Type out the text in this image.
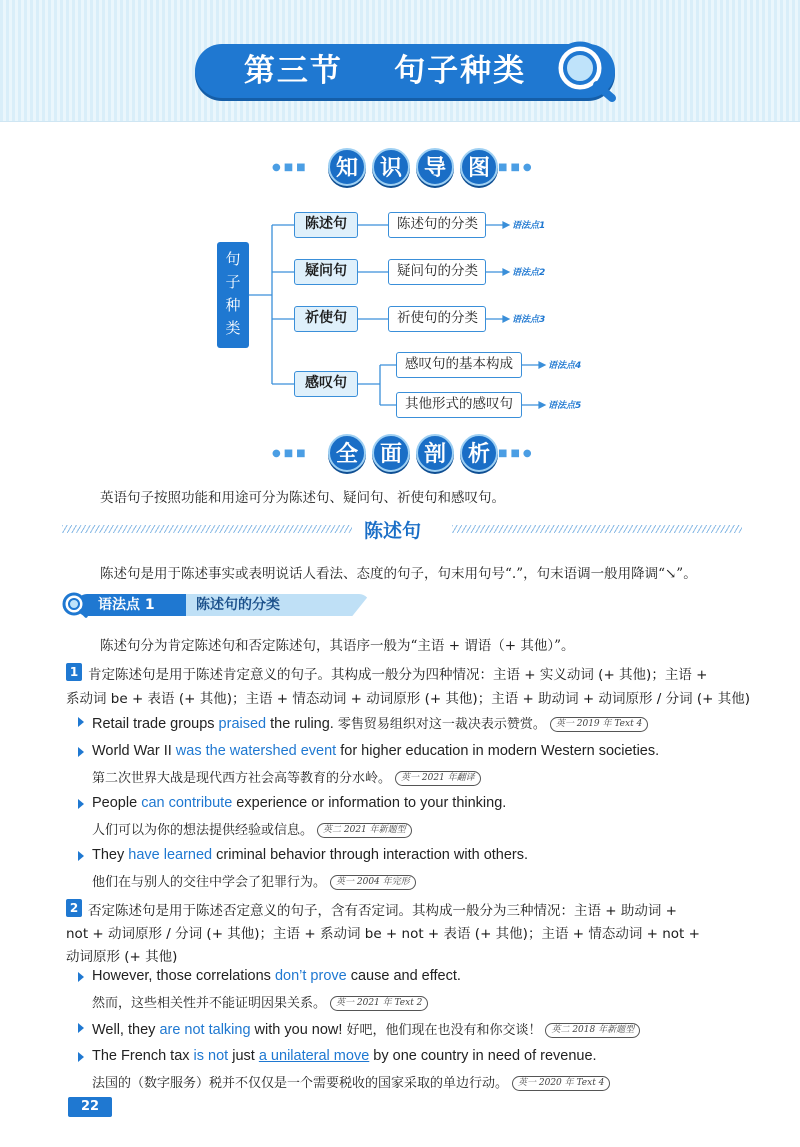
第三节    句子种类
●■■	知 识 导 图 ■■●
句
子
种
类
陈述句
疑问句
祈使句
感叹句
陈述句的分类
疑问句的分类
祈使句的分类
感叹句的基本构成
其他形式的感叹句
语法点1
语法点2
语法点3
语法点4
语法点5
●■■	全 面 剖 析 ■■●
英语句子按照功能和用途可分为陈述句、疑问句、祈使句和感叹句。
陈述句
陈述句是用于陈述事实或表明说话人看法、态度的句子，句末用句号“.”，句末语调一般用降调“↘”。
语法点 1	陈述句的分类
陈述句分为肯定陈述句和否定陈述句，其语序一般为“主语 + 谓语（+ 其他）”。
1 肯定陈述句是用于陈述肯定意义的句子。其构成一般分为四种情况：主语 + 实义动词 (+ 其他)；主语 +
系动词 be + 表语 (+ 其他)；主语 + 情态动词 + 动词原形 (+ 其他)；主语 + 助动词 + 动词原形 / 分词 (+ 其他)
Retail trade groups praised the ruling. 零售贸易组织对这一裁决表示赞赏。 英一 2019 年 Text 4
World War II was the watershed event for higher education in modern Western societies.
第二次世界大战是现代西方社会高等教育的分水岭。 英一 2021 年翻译
People can contribute experience or information to your thinking.
人们可以为你的想法提供经验或信息。 英二 2021 年新题型
They have learned criminal behavior through interaction with others.
他们在与别人的交往中学会了犯罪行为。 英一 2004 年完形
2 否定陈述句是用于陈述否定意义的句子，含有否定词。其构成一般分为三种情况：主语 + 助动词 +
not + 动词原形 / 分词 (+ 其他)；主语 + 系动词 be + not + 表语 (+ 其他)；主语 + 情态动词 + not +
动词原形 (+ 其他)
However, those correlations don’t prove cause and effect.
然而，这些相关性并不能证明因果关系。 英一 2021 年 Text 2
Well, they are not talking with you now! 好吧，他们现在也没有和你交谈！ 英二 2018 年新题型
The French tax is not just a unilateral move by one country in need of revenue.
法国的（数字服务）税并不仅仅是一个需要税收的国家采取的单边行动。 英一 2020 年 Text 4
22
